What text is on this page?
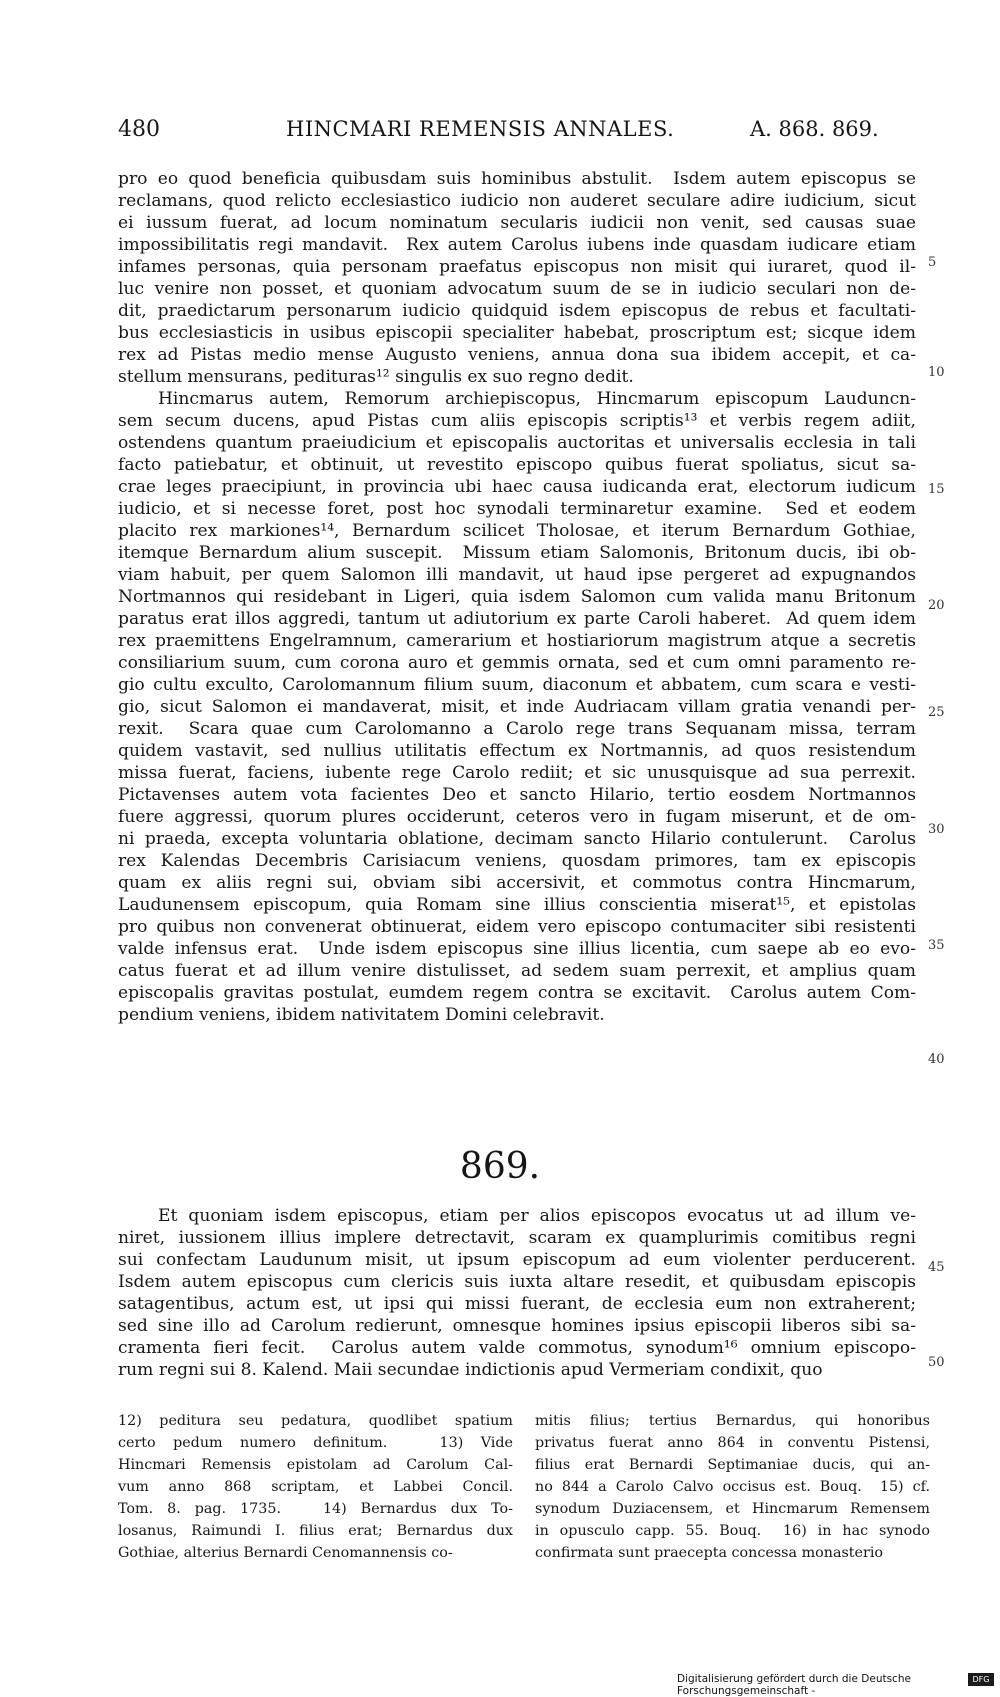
480	HINCMARI REMENSIS ANNALES.	A. 868. 869.
pro eo quod beneficia quibusdam suis hominibus abstulit.  Isdem autem episcopus se
reclamans, quod relicto ecclesiastico iudicio non auderet seculare adire iudicium, sicut
ei iussum fuerat, ad locum nominatum secularis iudicii non venit, sed causas suae
impossibilitatis regi mandavit.  Rex autem Carolus iubens inde quasdam iudicare etiam
infames personas, quia personam praefatus episcopus non misit qui iuraret, quod il-
luc venire non posset, et quoniam advocatum suum de se in iudicio seculari non de-
dit, praedictarum personarum iudicio quidquid isdem episcopus de rebus et facultati-
bus ecclesiasticis in usibus episcopii specialiter habebat, proscriptum est; sicque idem
rex ad Pistas medio mense Augusto veniens, annua dona sua ibidem accepit, et ca-
stellum mensurans, pedituras¹² singulis ex suo regno dedit.
Hincmarus autem, Remorum archiepiscopus, Hincmarum episcopum Lauduncn-
sem secum ducens, apud Pistas cum aliis episcopis scriptis¹³ et verbis regem adiit,
ostendens quantum praeiudicium et episcopalis auctoritas et universalis ecclesia in tali
facto patiebatur, et obtinuit, ut revestito episcopo quibus fuerat spoliatus, sicut sa-
crae leges praecipiunt, in provincia ubi haec causa iudicanda erat, electorum iudicum
iudicio, et si necesse foret, post hoc synodali terminaretur examine.  Sed et eodem
placito rex markiones¹⁴, Bernardum scilicet Tholosae, et iterum Bernardum Gothiae,
itemque Bernardum alium suscepit.  Missum etiam Salomonis, Britonum ducis, ibi ob-
viam habuit, per quem Salomon illi mandavit, ut haud ipse pergeret ad expugnandos
Nortmannos qui residebant in Ligeri, quia isdem Salomon cum valida manu Britonum
paratus erat illos aggredi, tantum ut adiutorium ex parte Caroli haberet.  Ad quem idem
rex praemittens Engelramnum, camerarium et hostiariorum magistrum atque a secretis
consiliarium suum, cum corona auro et gemmis ornata, sed et cum omni paramento re-
gio cultu exculto, Carolomannum filium suum, diaconum et abbatem, cum scara e vesti-
gio, sicut Salomon ei mandaverat, misit, et inde Audriacam villam gratia venandi per-
rexit.  Scara quae cum Carolomanno a Carolo rege trans Sequanam missa, terram
quidem vastavit, sed nullius utilitatis effectum ex Nortmannis, ad quos resistendum
missa fuerat, faciens, iubente rege Carolo rediit; et sic unusquisque ad sua perrexit.
Pictavenses autem vota facientes Deo et sancto Hilario, tertio eosdem Nortmannos
fuere aggressi, quorum plures occiderunt, ceteros vero in fugam miserunt, et de om-
ni praeda, excepta voluntaria oblatione, decimam sancto Hilario contulerunt.  Carolus
rex Kalendas Decembris Carisiacum veniens, quosdam primores, tam ex episcopis
quam ex aliis regni sui, obviam sibi accersivit, et commotus contra Hincmarum,
Laudunensem episcopum, quia Romam sine illius conscientia miserat¹⁵, et epistolas
pro quibus non convenerat obtinuerat, eidem vero episcopo contumaciter sibi resistenti
valde infensus erat.  Unde isdem episcopus sine illius licentia, cum saepe ab eo evo-
catus fuerat et ad illum venire distulisset, ad sedem suam perrexit, et amplius quam
episcopalis gravitas postulat, eumdem regem contra se excitavit.  Carolus autem Com-
pendium veniens, ibidem nativitatem Domini celebravit.
869.
Et quoniam isdem episcopus, etiam per alios episcopos evocatus ut ad illum ve-
niret, iussionem illius implere detrectavit, scaram ex quamplurimis comitibus regni
sui confectam Laudunum misit, ut ipsum episcopum ad eum violenter perducerent.
Isdem autem episcopus cum clericis suis iuxta altare resedit, et quibusdam episcopis
satagentibus, actum est, ut ipsi qui missi fuerant, de ecclesia eum non extraherent;
sed sine illo ad Carolum redierunt, omnesque homines ipsius episcopii liberos sibi sa-
cramenta fieri fecit.  Carolus autem valde commotus, synodum¹⁶ omnium episcopo-
rum regni sui 8. Kalend. Maii secundae indictionis apud Vermeriam condixit, quo
5
10
15
20
25
30
35
40
45
50
12) peditura seu pedatura, quodlibet spatium
certo pedum numero definitum.   13) Vide
Hincmari Remensis epistolam ad Carolum Cal-
vum anno 868 scriptam, et Labbei Concil.
Tom. 8. pag. 1735.   14) Bernardus dux To-
losanus, Raimundi I. filius erat; Bernardus dux
Gothiae, alterius Bernardi Cenomannensis co-
mitis filius; tertius Bernardus, qui honoribus
privatus fuerat anno 864 in conventu Pistensi,
filius erat Bernardi Septimaniae ducis, qui an-
no 844 a Carolo Calvo occisus est. Bouq.  15) cf.
synodum Duziacensem, et Hincmarum Remensem
in opusculo capp. 55. Bouq.  16) in hac synodo
confirmata sunt praecepta concessa monasterio
Digitalisierung gefördert durch die Deutsche Forschungsgemeinschaft -
DFG
